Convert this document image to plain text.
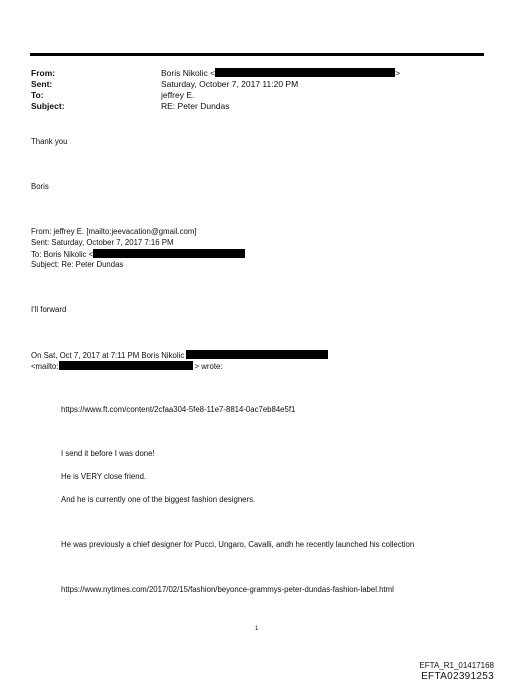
From:	Boris Nikolic <	>
Sent:	Saturday, October 7, 2017 11:20 PM
To:	jeffrey E.
Subject:	RE: Peter Dundas
Thank you
Boris
From: jeffrey E. [mailto:jeevacation@gmail.com]
Sent: Saturday, October 7, 2017 7:16 PM
To: Boris Nikolic <
Subject: Re: Peter Dundas
I'll forward
On Sat, Oct 7, 2017 at 7:11 PM Boris Nikolic
<mailto:	> wrote:
https://www.ft.com/content/2cfaa304-5fe8-11e7-8814-0ac7eb84e5f1
I send it before I was done!
He is VERY close friend.
And he is currently one of the biggest fashion designers.
He was previously a chief designer for Pucci, Ungaro, Cavalli, andh he recently launched his collection
https://www.nytimes.com/2017/02/15/fashion/beyonce-grammys-peter-dundas-fashion-label.html
1
EFTA_R1_01417168
EFTA02391253
